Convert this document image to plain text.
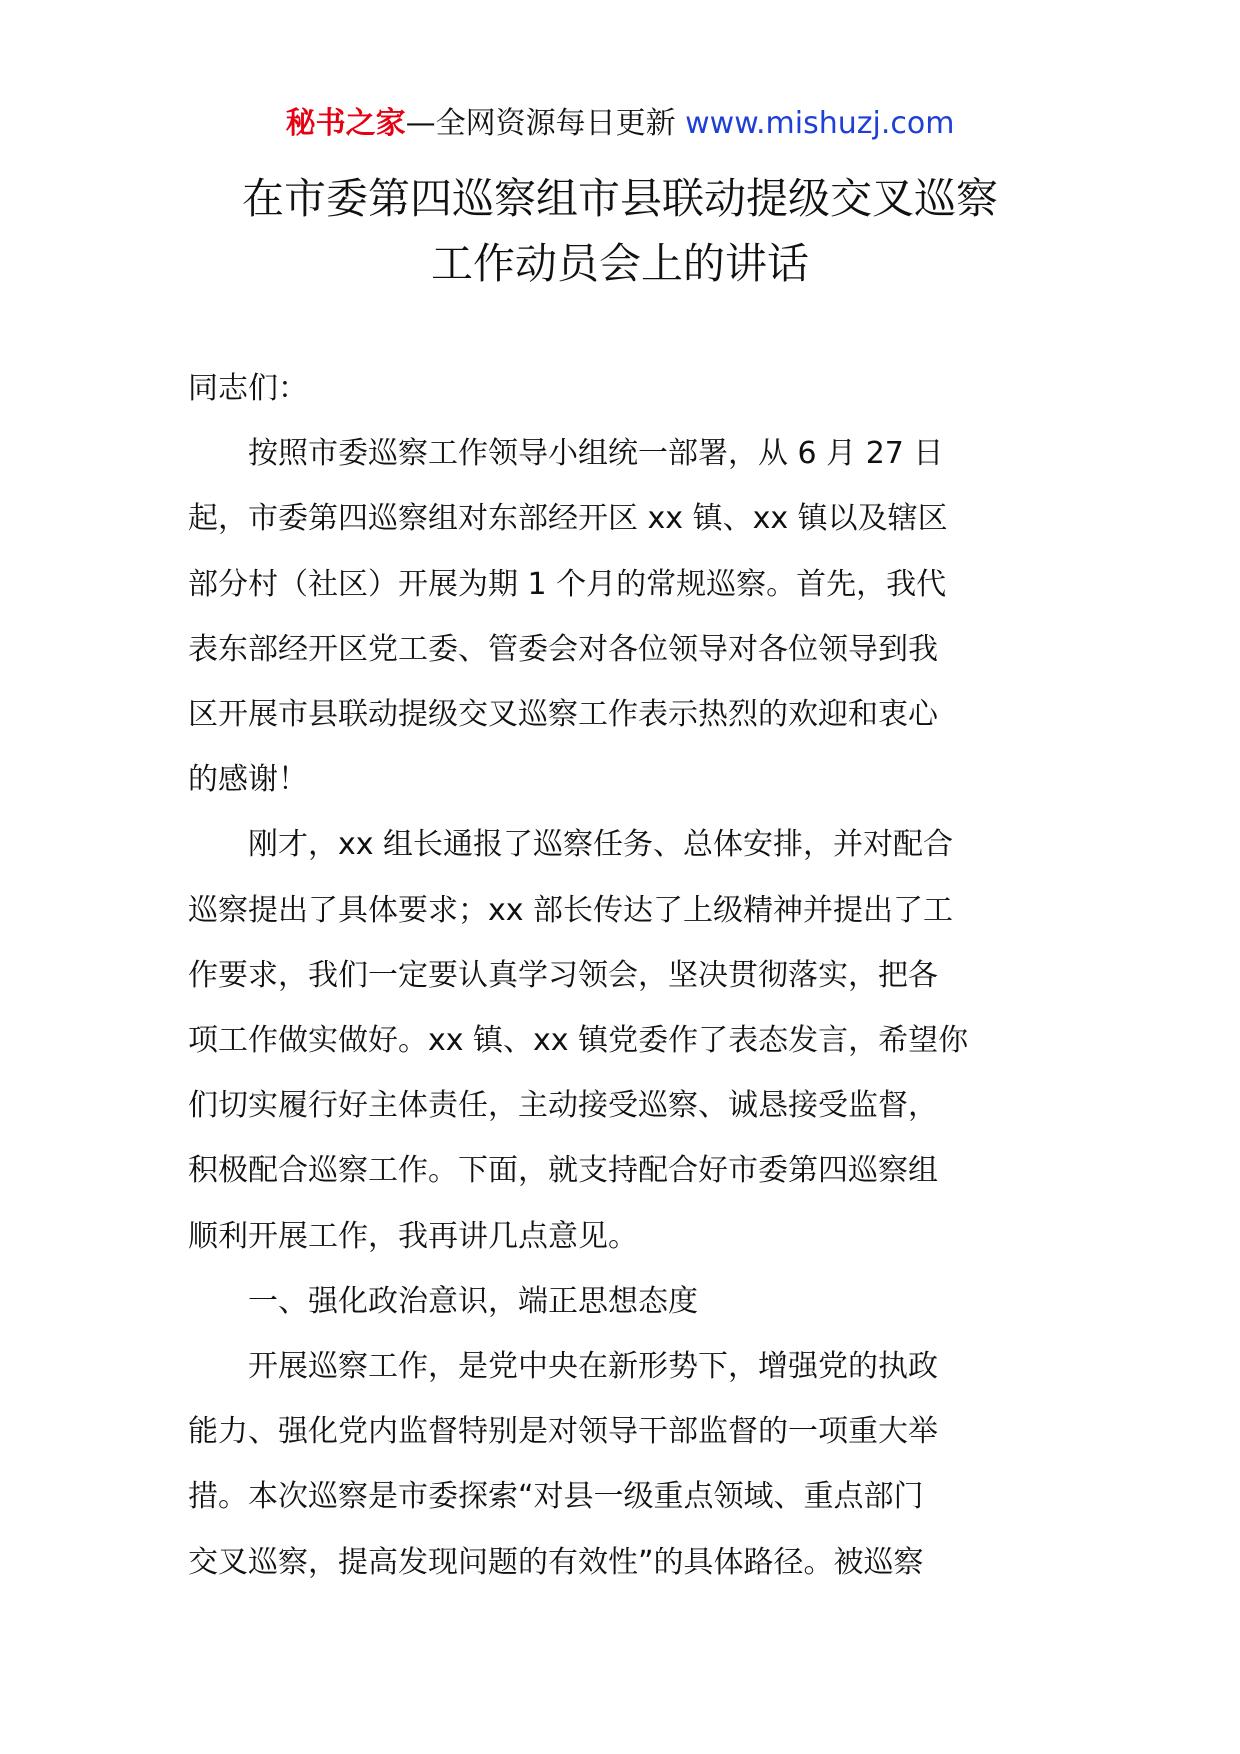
秘书之家—全网资源每日更新 www.mishuzj.com
在市委第四巡察组市县联动提级交叉巡察
工作动员会上的讲话
同志们：
　　按照市委巡察工作领导小组统一部署，从 6 月 27 日
起，市委第四巡察组对东部经开区 xx 镇、xx 镇以及辖区
部分村（社区）开展为期 1 个月的常规巡察。首先，我代
表东部经开区党工委、管委会对各位领导对各位领导到我
区开展市县联动提级交叉巡察工作表示热烈的欢迎和衷心
的感谢！
　　刚才，xx 组长通报了巡察任务、总体安排，并对配合
巡察提出了具体要求；xx 部长传达了上级精神并提出了工
作要求，我们一定要认真学习领会，坚决贯彻落实，把各
项工作做实做好。xx 镇、xx 镇党委作了表态发言，希望你
们切实履行好主体责任，主动接受巡察、诚恳接受监督，
积极配合巡察工作。下面，就支持配合好市委第四巡察组
顺利开展工作，我再讲几点意见。
　　一、强化政治意识，端正思想态度
　　开展巡察工作，是党中央在新形势下，增强党的执政
能力、强化党内监督特别是对领导干部监督的一项重大举
措。本次巡察是市委探索“对县一级重点领域、重点部门
交叉巡察，提高发现问题的有效性”的具体路径。被巡察
